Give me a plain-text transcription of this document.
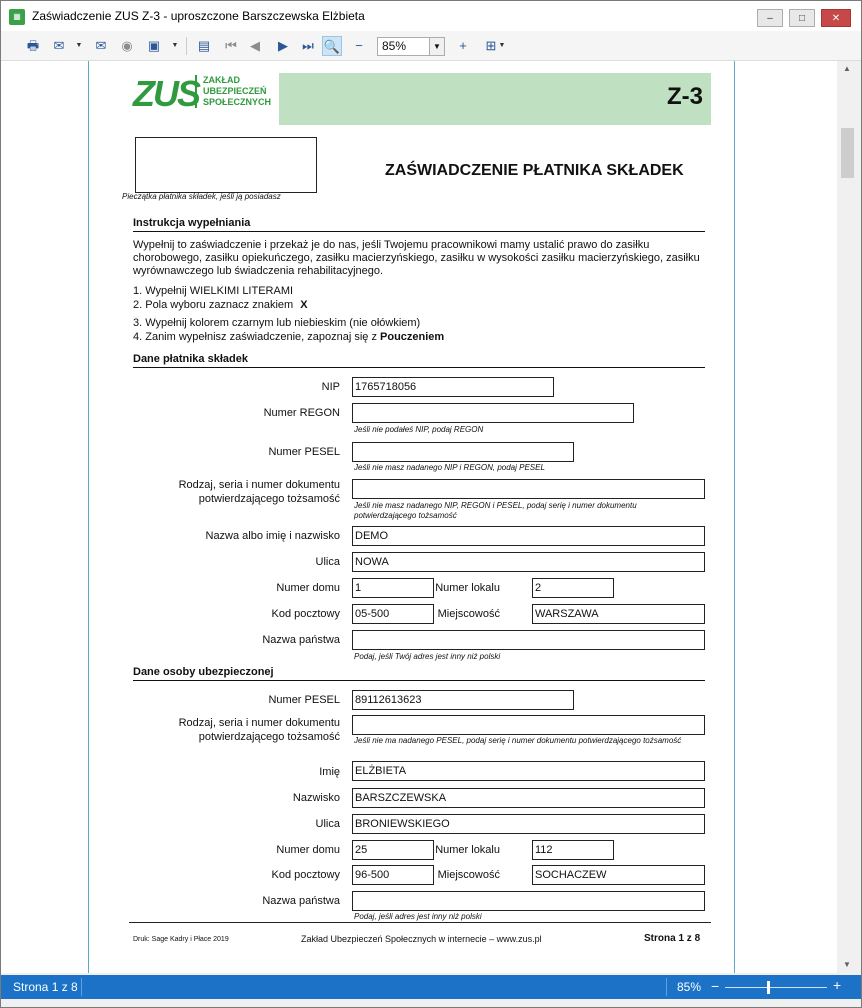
▦ Zaświadczenie ZUS Z-3 - uproszczone Barszczewska Elżbieta	–	□	✕
🖶	✉	▼	✉	◉	▣	▼ ▤	⏮	◀	▶	⏭ 🔍	−	85%	▼	+	⊞ ▼
Z-3
ZUS ZAKŁAD
UBEZPIECZEŃ
SPOŁECZNYCH
Pieczątka płatnika składek, jeśli ją posiadasz
ZAŚWIADCZENIE PŁATNIKA SKŁADEK
Instrukcja wypełniania
Wypełnij to zaświadczenie i przekaż je do nas, jeśli Twojemu pracownikowi mamy ustalić prawo do zasiłku chorobowego, zasiłku opiekuńczego, zasiłku macierzyńskiego, zasiłku w wysokości zasiłku macierzyńskiego, zasiłku wyrównawczego lub świadczenia rehabilitacyjnego.
1. Wypełnij WIELKIMI LITERAMI
2. Pola wyboru zaznacz znakiem X
3. Wypełnij kolorem czarnym lub niebieskim (nie ołówkiem)
4. Zanim wypełnisz zaświadczenie, zapoznaj się z Pouczeniem
Dane płatnika składek
NIP 1765718056
Numer REGON
Jeśli nie podałeś NIP, podaj REGON
Numer PESEL
Jeśli nie masz nadanego NIP i REGON, podaj PESEL
Rodzaj, seria i numer dokumentu potwierdzającego tożsamość
Jeśli nie masz nadanego NIP, REGON i PESEL, podaj serię i numer dokumentu potwierdzającego tożsamość
Nazwa albo imię i nazwisko DEMO
Ulica NOWA
Numer domu 1	Numer lokalu	2
Kod pocztowy 05-500	Miejscowość	WARSZAWA
Nazwa państwa
Podaj, jeśli Twój adres jest inny niż polski
Dane osoby ubezpieczonej
Numer PESEL 89112613623
Rodzaj, seria i numer dokumentu potwierdzającego tożsamość Jeśli nie ma nadanego PESEL, podaj serię i numer dokumentu potwierdzającego tożsamość
Imię ELŻBIETA
Nazwisko BARSZCZEWSKA
Ulica BRONIEWSKIEGO
Numer domu 25	Numer lokalu	112
Kod pocztowy 96-500	Miejscowość	SOCHACZEW
Nazwa państwa
Podaj, jeśli adres jest inny niż polski
Druk: Sage Kadry i Płace 2019	Zakład Ubezpieczeń Społecznych w internecie – www.zus.pl	Strona 1 z 8
▲
▼
Strona 1 z 8	85% −	+
